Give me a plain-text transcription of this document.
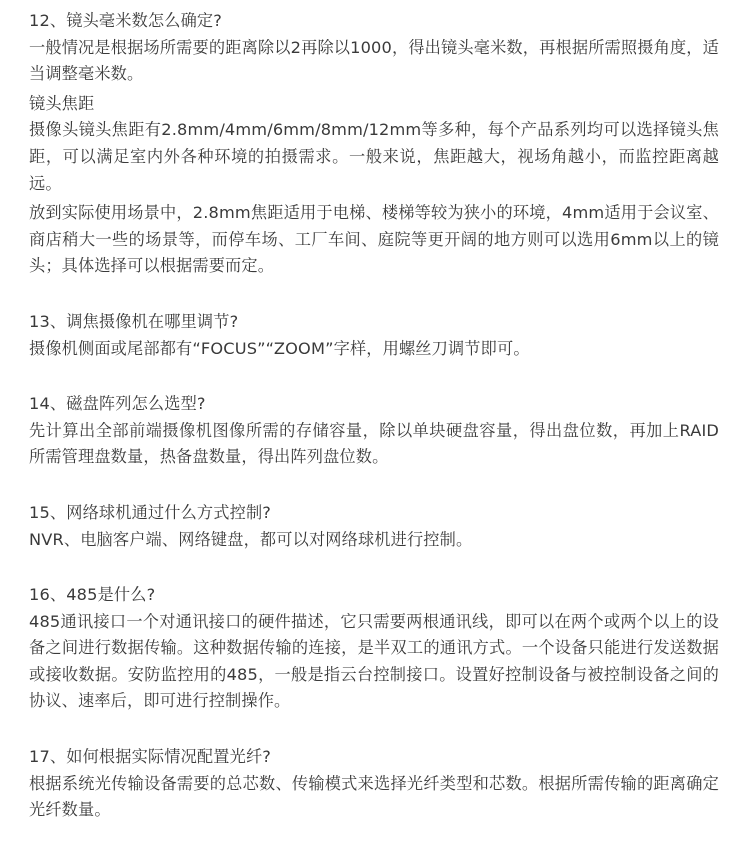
12、镜头毫米数怎么确定?

一般情况是根据场所需要的距离除以2再除以1000，得出镜头毫米数，再根据所需照摄角度，适当调整毫米数。

镜头焦距

摄像头镜头焦距有2.8mm/4mm/6mm/8mm/12mm等多种，每个产品系列均可以选择镜头焦距，可以满足室内外各种环境的拍摄需求。一般来说，焦距越大，视场角越小，而监控距离越远。

放到实际使用场景中，2.8mm焦距适用于电梯、楼梯等较为狭小的环境，4mm适用于会议室、商店稍大一些的场景等，而停车场、工厂车间、庭院等更开阔的地方则可以选用6mm以上的镜头；具体选择可以根据需要而定。

13、调焦摄像机在哪里调节?

摄像机侧面或尾部都有“FOCUS”“ZOOM”字样，用螺丝刀调节即可。

14、磁盘阵列怎么选型?

先计算出全部前端摄像机图像所需的存储容量，除以单块硬盘容量，得出盘位数，再加上RAID所需管理盘数量，热备盘数量，得出阵列盘位数。

15、网络球机通过什么方式控制?

NVR、电脑客户端、网络键盘，都可以对网络球机进行控制。

16、485是什么?

485通讯接口一个对通讯接口的硬件描述，它只需要两根通讯线，即可以在两个或两个以上的设备之间进行数据传输。这种数据传输的连接，是半双工的通讯方式。一个设备只能进行发送数据或接收数据。安防监控用的485，一般是指云台控制接口。设置好控制设备与被控制设备之间的协议、速率后，即可进行控制操作。

17、如何根据实际情况配置光纤?

根据系统光传输设备需要的总芯数、传输模式来选择光纤类型和芯数。根据所需传输的距离确定光纤数量。
